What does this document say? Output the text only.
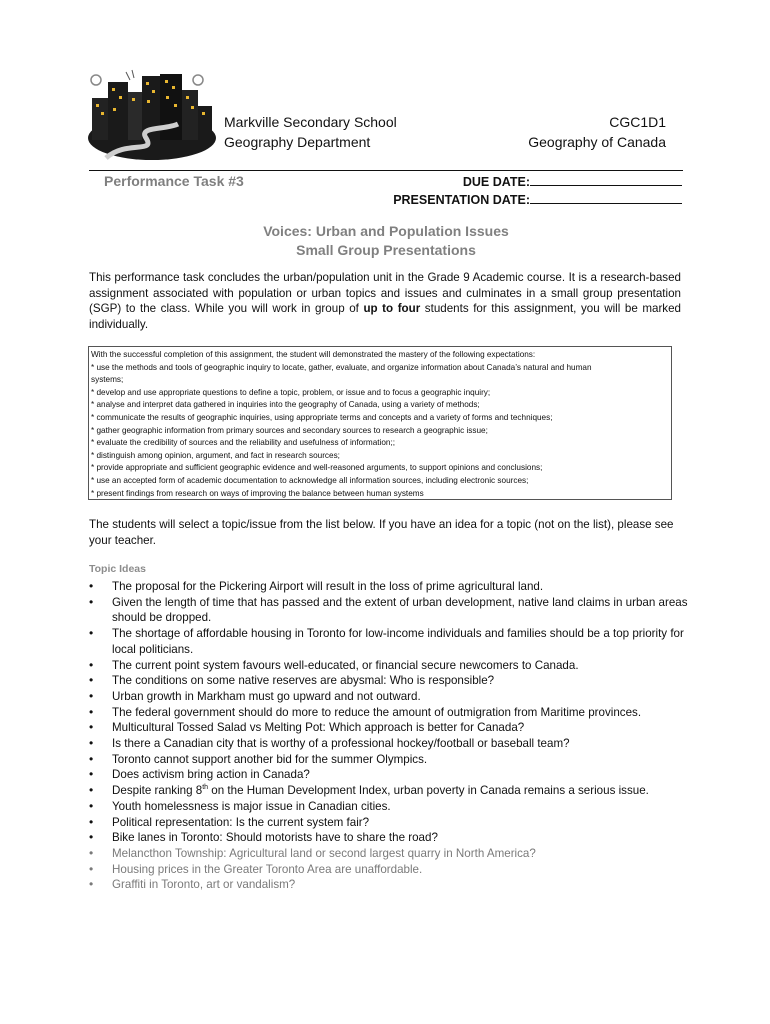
Markville Secondary School
Geography Department
CGC1D1
Geography of Canada
Performance Task #3	DUE DATE:
PRESENTATION DATE:
Voices: Urban and Population Issues
Small Group Presentations
This performance task concludes the urban/population unit in the Grade 9 Academic course. It is a research-based assignment associated with population or urban topics and issues and culminates in a small group presentation (SGP) to the class. While you will work in group of up to four students for this assignment, you will be marked individually.
With the successful completion of this assignment, the student will demonstrated the mastery of the following expectations:
* use the methods and tools of geographic inquiry to locate, gather, evaluate, and organize information about Canada’s natural and human
systems;
* develop and use appropriate questions to define a topic, problem, or issue and to focus a geographic inquiry;
* analyse and interpret data gathered in inquiries into the geography of Canada, using a variety of methods;
* communicate the results of geographic inquiries, using appropriate terms and concepts and a variety of forms and techniques;
* gather geographic information from primary sources and secondary sources to research a geographic issue;
* evaluate the credibility of sources and the reliability and usefulness of information;;
* distinguish among opinion, argument, and fact in research sources;
* provide appropriate and sufficient geographic evidence and well-reasoned arguments, to support opinions and conclusions;
* use an accepted form of academic documentation to acknowledge all information sources, including electronic sources;
* present findings from research on ways of improving the balance between human systems
The students will select a topic/issue from the list below. If you have an idea for a topic (not on the list), please see your teacher.
Topic Ideas
• The proposal for the Pickering Airport will result in the loss of prime agricultural land.
• Given the length of time that has passed and the extent of urban development, native land claims in urban areas should be dropped.
• The shortage of affordable housing in Toronto for low-income individuals and families should be a top priority for local politicians.
• The current point system favours well-educated, or financial secure newcomers to Canada.
• The conditions on some native reserves are abysmal: Who is responsible?
• Urban growth in Markham must go upward and not outward.
• The federal government should do more to reduce the amount of outmigration from Maritime provinces.
• Multicultural Tossed Salad vs Melting Pot: Which approach is better for Canada?
• Is there a Canadian city that is worthy of a professional hockey/football or baseball team?
• Toronto cannot support another bid for the summer Olympics.
• Does activism bring action in Canada?
• Despite ranking 8th on the Human Development Index, urban poverty in Canada remains a serious issue.
• Youth homelessness is major issue in Canadian cities.
• Political representation: Is the current system fair?
• Bike lanes in Toronto: Should motorists have to share the road?
• Melancthon Township: Agricultural land or second largest quarry in North America?
• Housing prices in the Greater Toronto Area are unaffordable.
• Graffiti in Toronto, art or vandalism?
